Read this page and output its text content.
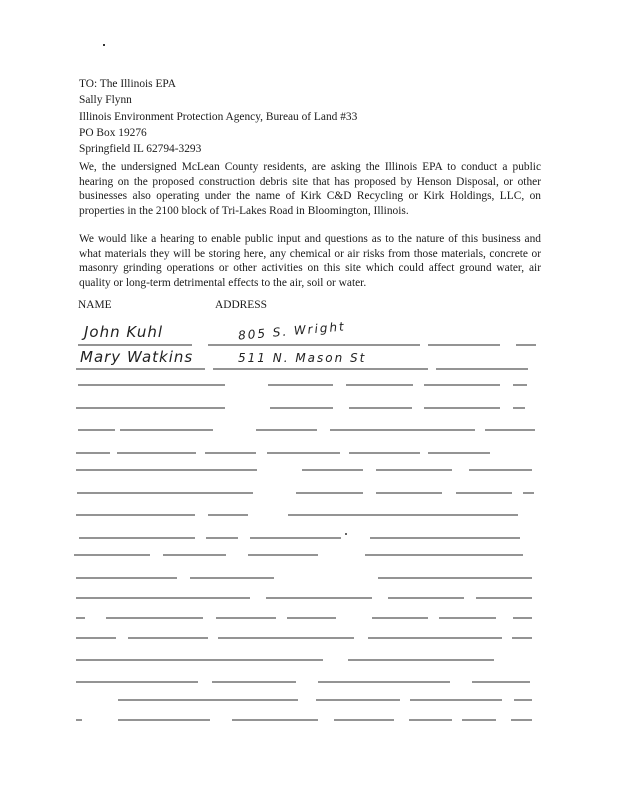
TO: The Illinois EPA
Sally Flynn
Illinois Environment Protection Agency, Bureau of Land #33
PO Box 19276
Springfield IL 62794-3293
We, the undersigned McLean County residents, are asking the Illinois EPA to conduct a public hearing on the proposed construction debris site that has proposed by Henson Disposal, or other businesses also operating under the name of Kirk C&D Recycling or Kirk Holdings, LLC, on properties in the 2100 block of Tri-Lakes Road in Bloomington, Illinois.
We would like a hearing to enable public input and questions as to the nature of this business and what materials they will be storing here, any chemical or air risks from those materials, concrete or masonry grinding operations or other activities on this site which could affect ground water, air quality or long-term detrimental effects to the air, soil or water.
NAME	ADDRESS
John Kuhl	805 S. Wright
Mary Watkins	511 N. Mason St
